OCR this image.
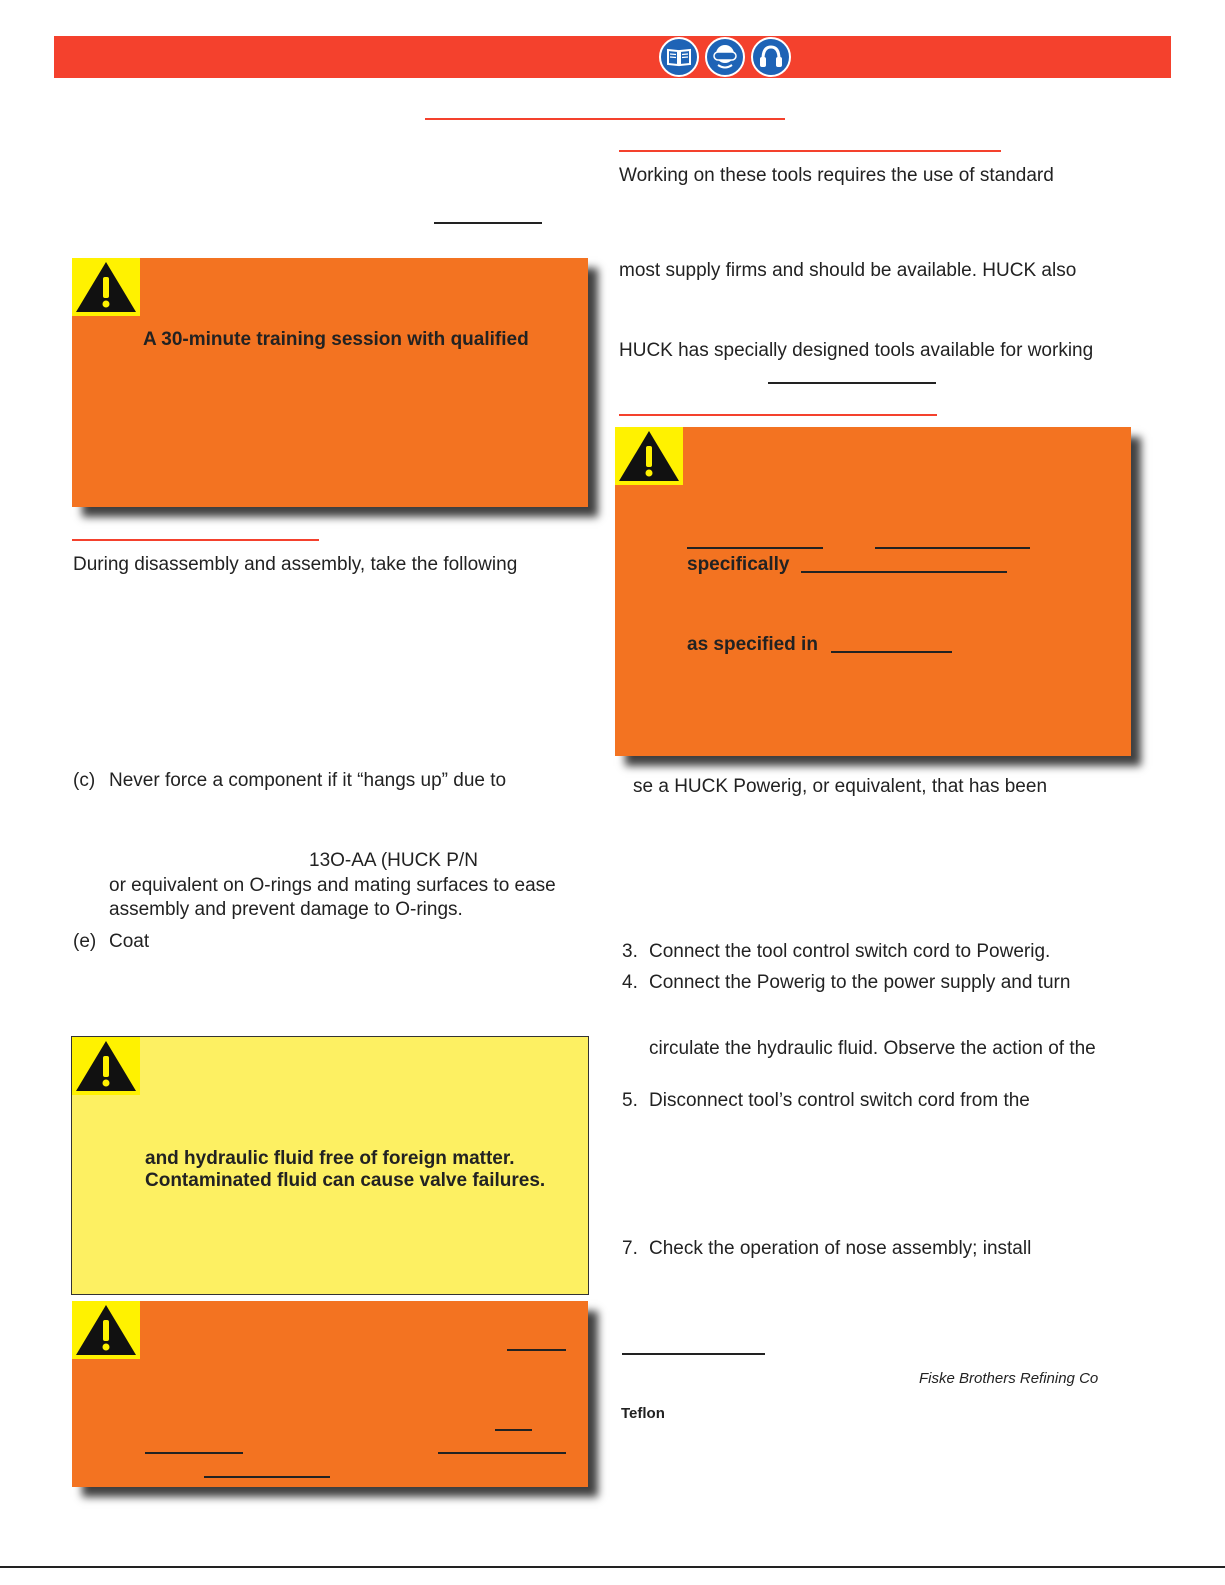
A 30-minute training session with qualified
During disassembly and assembly, take the following
(c) Never force a component if it “hangs up” due to
13O-AA (HUCK P/N
or equivalent on O-rings and mating surfaces to ease
assembly and prevent damage to O-rings.
(e) Coat
and hydraulic fluid free of foreign matter.
Contaminated fluid can cause valve failures.
Working on these tools requires the use of standard
most supply firms and should be available. HUCK also
HUCK has specially designed tools available for working
specifically
as specified in
se a HUCK Powerig, or equivalent, that has been
3. Connect the tool control switch cord to Powerig.
4. Connect the Powerig to the power supply and turn
circulate the hydraulic fluid. Observe the action of the
5. Disconnect tool’s control switch cord from the
7. Check the operation of nose assembly; install
Fiske Brothers Refining Co
Teflon
